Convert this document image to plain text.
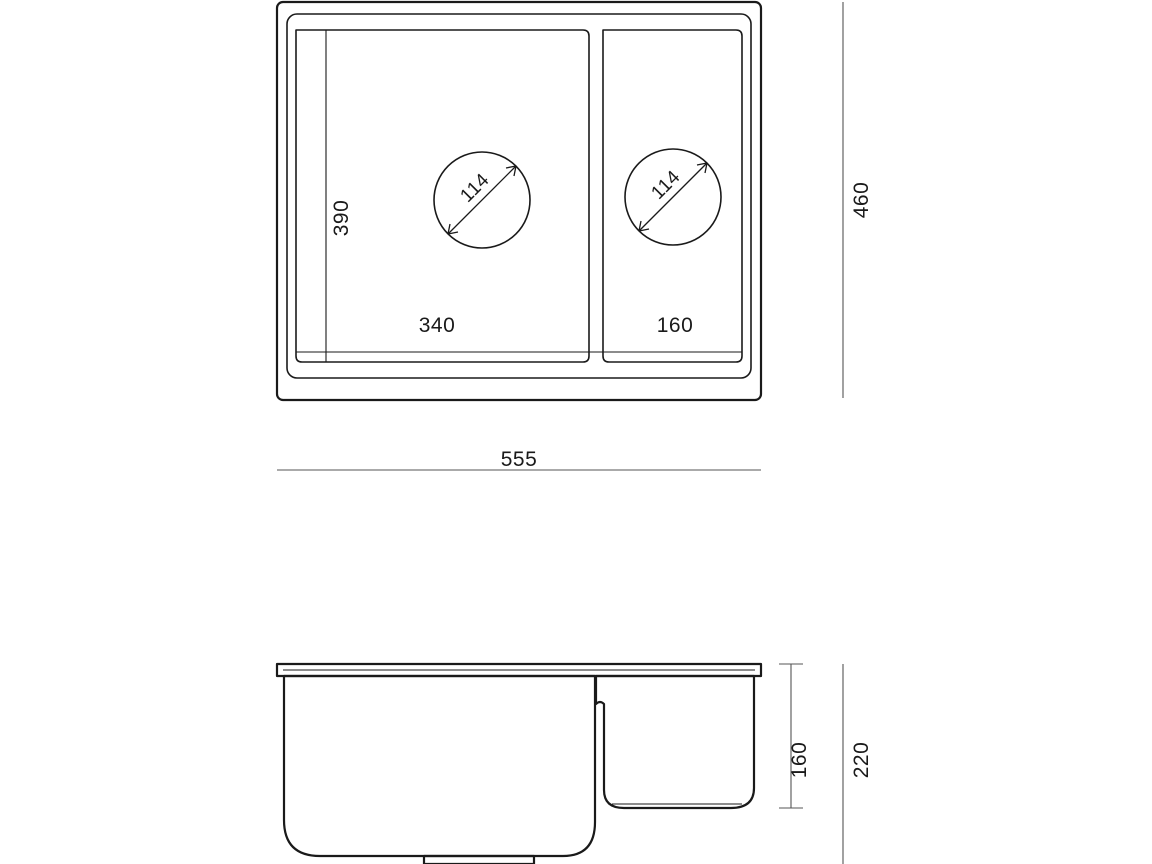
460
555
390
340	160
114	114
160 220
